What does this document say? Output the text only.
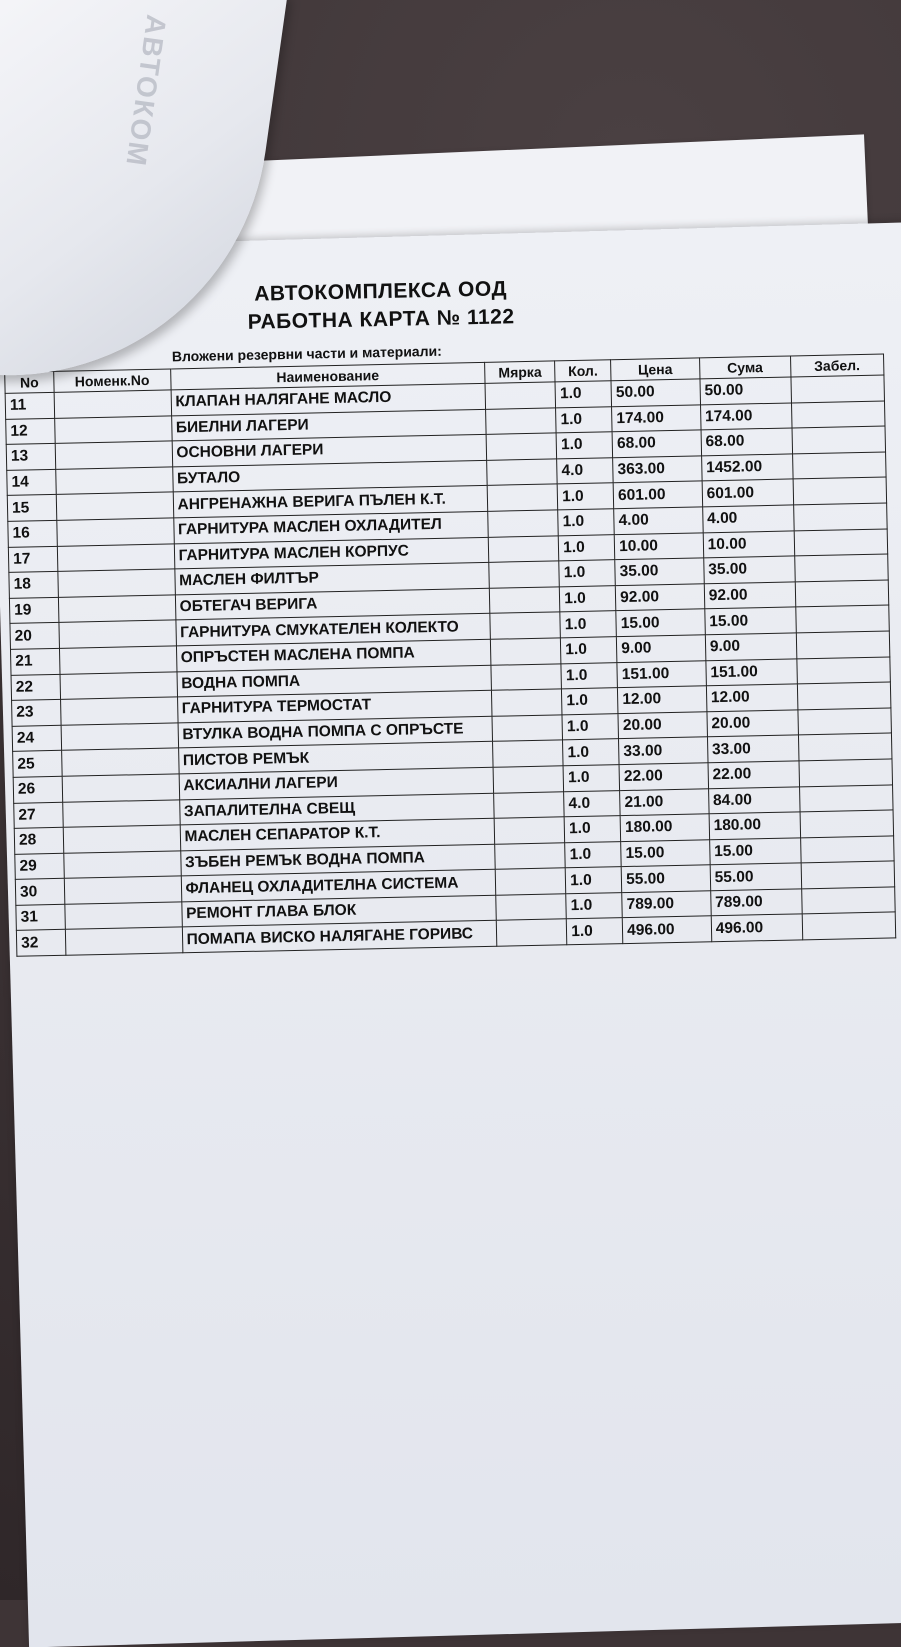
АВТОКОМПЛЕКСА ООД
РАБОТНА КАРТА № 1122
Вложени резервни части и материали:
No	Номенк.No	Наименование	Мярка	Кол.	Цена	Сума	Забел.
11		КЛАПАН НАЛЯГАНЕ МАСЛО		1.0	50.00	50.00	
12		БИЕЛНИ ЛАГЕРИ		1.0	174.00	174.00	
13		ОСНОВНИ ЛАГЕРИ		1.0	68.00	68.00	
14		БУТАЛО		4.0	363.00	1452.00	
15		АНГРЕНАЖНА ВЕРИГА ПЪЛЕН К.Т.		1.0	601.00	601.00	
16		ГАРНИТУРА МАСЛЕН ОХЛАДИТЕЛ		1.0	4.00	4.00	
17		ГАРНИТУРА МАСЛЕН КОРПУС		1.0	10.00	10.00	
18		МАСЛЕН ФИЛТЪР		1.0	35.00	35.00	
19		ОБТЕГАЧ ВЕРИГА		1.0	92.00	92.00	
20		ГАРНИТУРА СМУКАТЕЛЕН КОЛЕКТО		1.0	15.00	15.00	
21		ОПРЪСТЕН МАСЛЕНА ПОМПА		1.0	9.00	9.00	
22		ВОДНА ПОМПА		1.0	151.00	151.00	
23		ГАРНИТУРА ТЕРМОСТАТ		1.0	12.00	12.00	
24		ВТУЛКА ВОДНА ПОМПА С ОПРЪСТЕ		1.0	20.00	20.00	
25		ПИСТОВ РЕМЪК		1.0	33.00	33.00	
26		АКСИАЛНИ ЛАГЕРИ		1.0	22.00	22.00	
27		ЗАПАЛИТЕЛНА СВЕЩ		4.0	21.00	84.00	
28		МАСЛЕН СЕПАРАТОР К.Т.		1.0	180.00	180.00	
29		ЗЪБЕН РЕМЪК ВОДНА ПОМПА		1.0	15.00	15.00	
30		ФЛАНЕЦ ОХЛАДИТЕЛНА СИСТЕМА		1.0	55.00	55.00	
31		РЕМОНТ ГЛАВА БЛОК		1.0	789.00	789.00	
32		ПОМАПА ВИСКО НАЛЯГАНЕ ГОРИВС		1.0	496.00	496.00	
АВТОКОМ
